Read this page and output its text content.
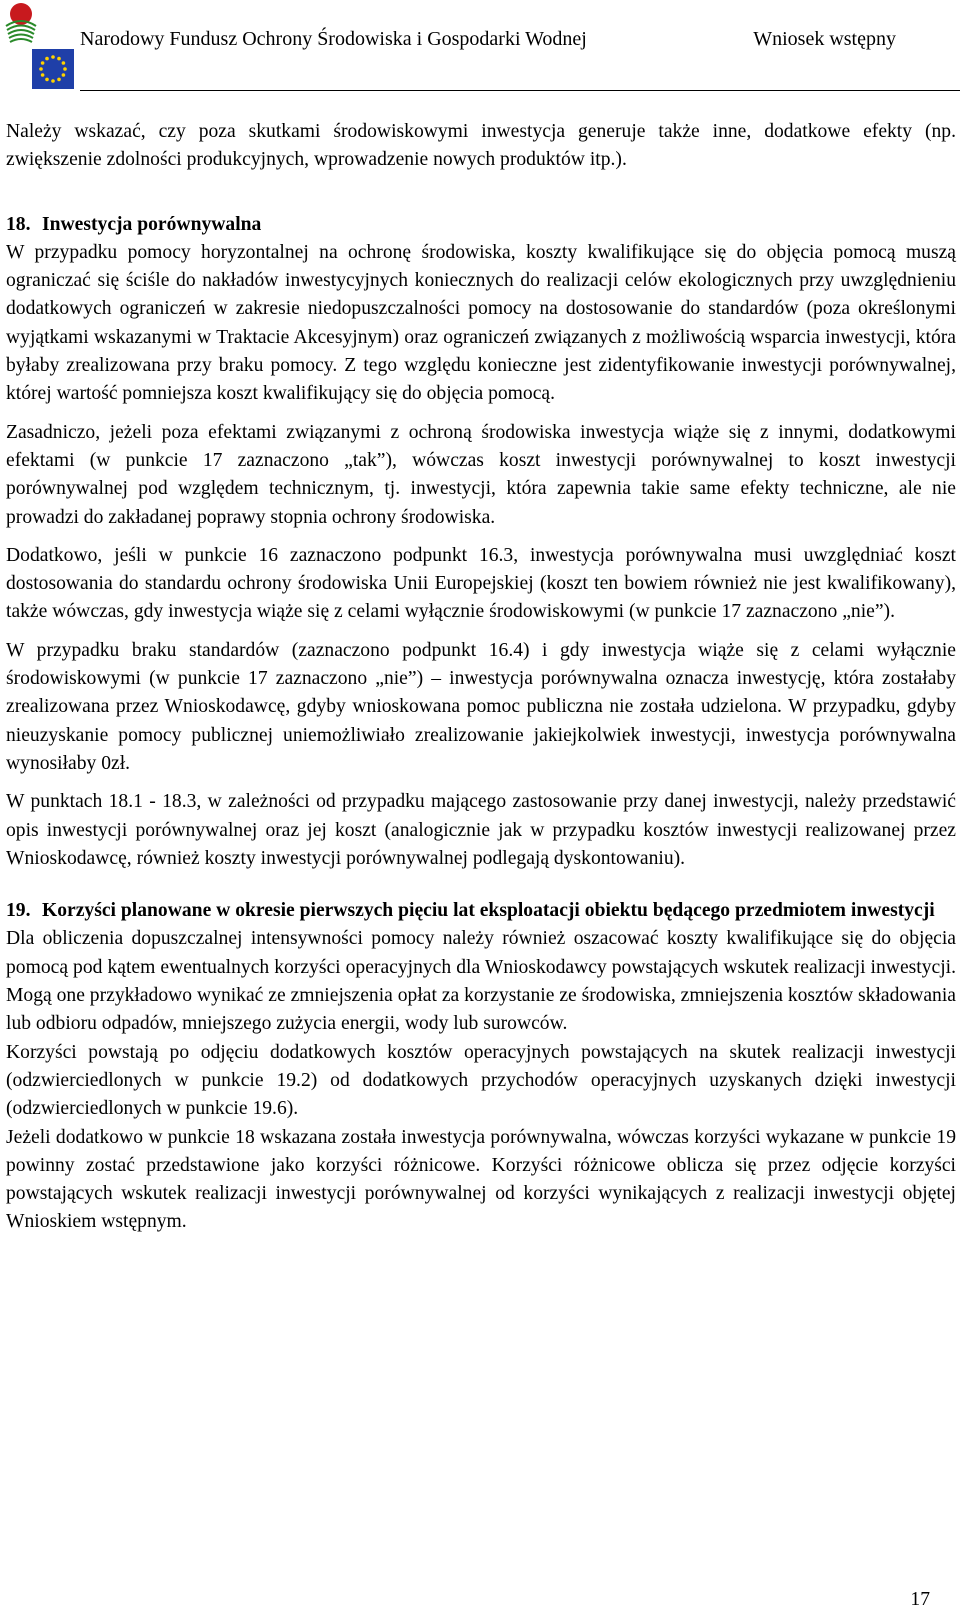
Narodowy Fundusz Ochrony Środowiska i Gospodarki Wodnej	Wniosek wstępny

Należy wskazać, czy poza skutkami środowiskowymi inwestycja generuje także inne, dodatkowe efekty (np. zwiększenie zdolności produkcyjnych, wprowadzenie nowych produktów itp.).

18. Inwestycja porównywalna

W przypadku pomocy horyzontalnej na ochronę środowiska, koszty kwalifikujące się do objęcia pomocą muszą ograniczać się ściśle do nakładów inwestycyjnych koniecznych do realizacji celów ekologicznych przy uwzględnieniu dodatkowych ograniczeń w zakresie niedopuszczalności pomocy na dostosowanie do standardów (poza określonymi wyjątkami wskazanymi w Traktacie Akcesyjnym) oraz ograniczeń związanych z możliwością wsparcia inwestycji, która byłaby zrealizowana przy braku pomocy. Z tego względu konieczne jest zidentyfikowanie inwestycji porównywalnej, której wartość pomniejsza koszt kwalifikujący się do objęcia pomocą.

Zasadniczo, jeżeli poza efektami związanymi z ochroną środowiska inwestycja wiąże się z innymi, dodatkowymi efektami (w punkcie 17 zaznaczono „tak”), wówczas koszt inwestycji porównywalnej to koszt inwestycji porównywalnej pod względem technicznym, tj. inwestycji, która zapewnia takie same efekty techniczne, ale nie prowadzi do zakładanej poprawy stopnia ochrony środowiska.

Dodatkowo, jeśli w punkcie 16 zaznaczono podpunkt 16.3, inwestycja porównywalna musi uwzględniać koszt dostosowania do standardu ochrony środowiska Unii Europejskiej (koszt ten bowiem również nie jest kwalifikowany), także wówczas, gdy inwestycja wiąże się z celami wyłącznie środowiskowymi (w punkcie 17 zaznaczono „nie”).

W przypadku braku standardów (zaznaczono podpunkt 16.4) i gdy inwestycja wiąże się z celami wyłącznie środowiskowymi (w punkcie 17 zaznaczono „nie”) – inwestycja porównywalna oznacza inwestycję, która zostałaby zrealizowana przez Wnioskodawcę, gdyby wnioskowana pomoc publiczna nie została udzielona. W przypadku, gdyby nieuzyskanie pomocy publicznej uniemożliwiało zrealizowanie jakiejkolwiek inwestycji, inwestycja porównywalna wynosiłaby 0zł.

W punktach 18.1 - 18.3, w zależności od przypadku mającego zastosowanie przy danej inwestycji, należy przedstawić opis inwestycji porównywalnej oraz jej koszt (analogicznie jak w przypadku kosztów inwestycji realizowanej przez Wnioskodawcę, również koszty inwestycji porównywalnej podlegają dyskontowaniu).

19. Korzyści planowane w okresie pierwszych pięciu lat eksploatacji obiektu będącego przedmiotem inwestycji

Dla obliczenia dopuszczalnej intensywności pomocy należy również oszacować koszty kwalifikujące się do objęcia pomocą pod kątem ewentualnych korzyści operacyjnych dla Wnioskodawcy powstających wskutek realizacji inwestycji. Mogą one przykładowo wynikać ze zmniejszenia opłat za korzystanie ze środowiska, zmniejszenia kosztów składowania lub odbioru odpadów, mniejszego zużycia energii, wody lub surowców.

Korzyści powstają po odjęciu dodatkowych kosztów operacyjnych powstających na skutek realizacji inwestycji (odzwierciedlonych w punkcie 19.2) od dodatkowych przychodów operacyjnych uzyskanych dzięki inwestycji (odzwierciedlonych w punkcie 19.6).

Jeżeli dodatkowo w punkcie 18 wskazana została inwestycja porównywalna, wówczas korzyści wykazane w punkcie 19 powinny zostać przedstawione jako korzyści różnicowe. Korzyści różnicowe oblicza się przez odjęcie korzyści powstających wskutek realizacji inwestycji porównywalnej od korzyści wynikających z realizacji inwestycji objętej Wnioskiem wstępnym.

17
